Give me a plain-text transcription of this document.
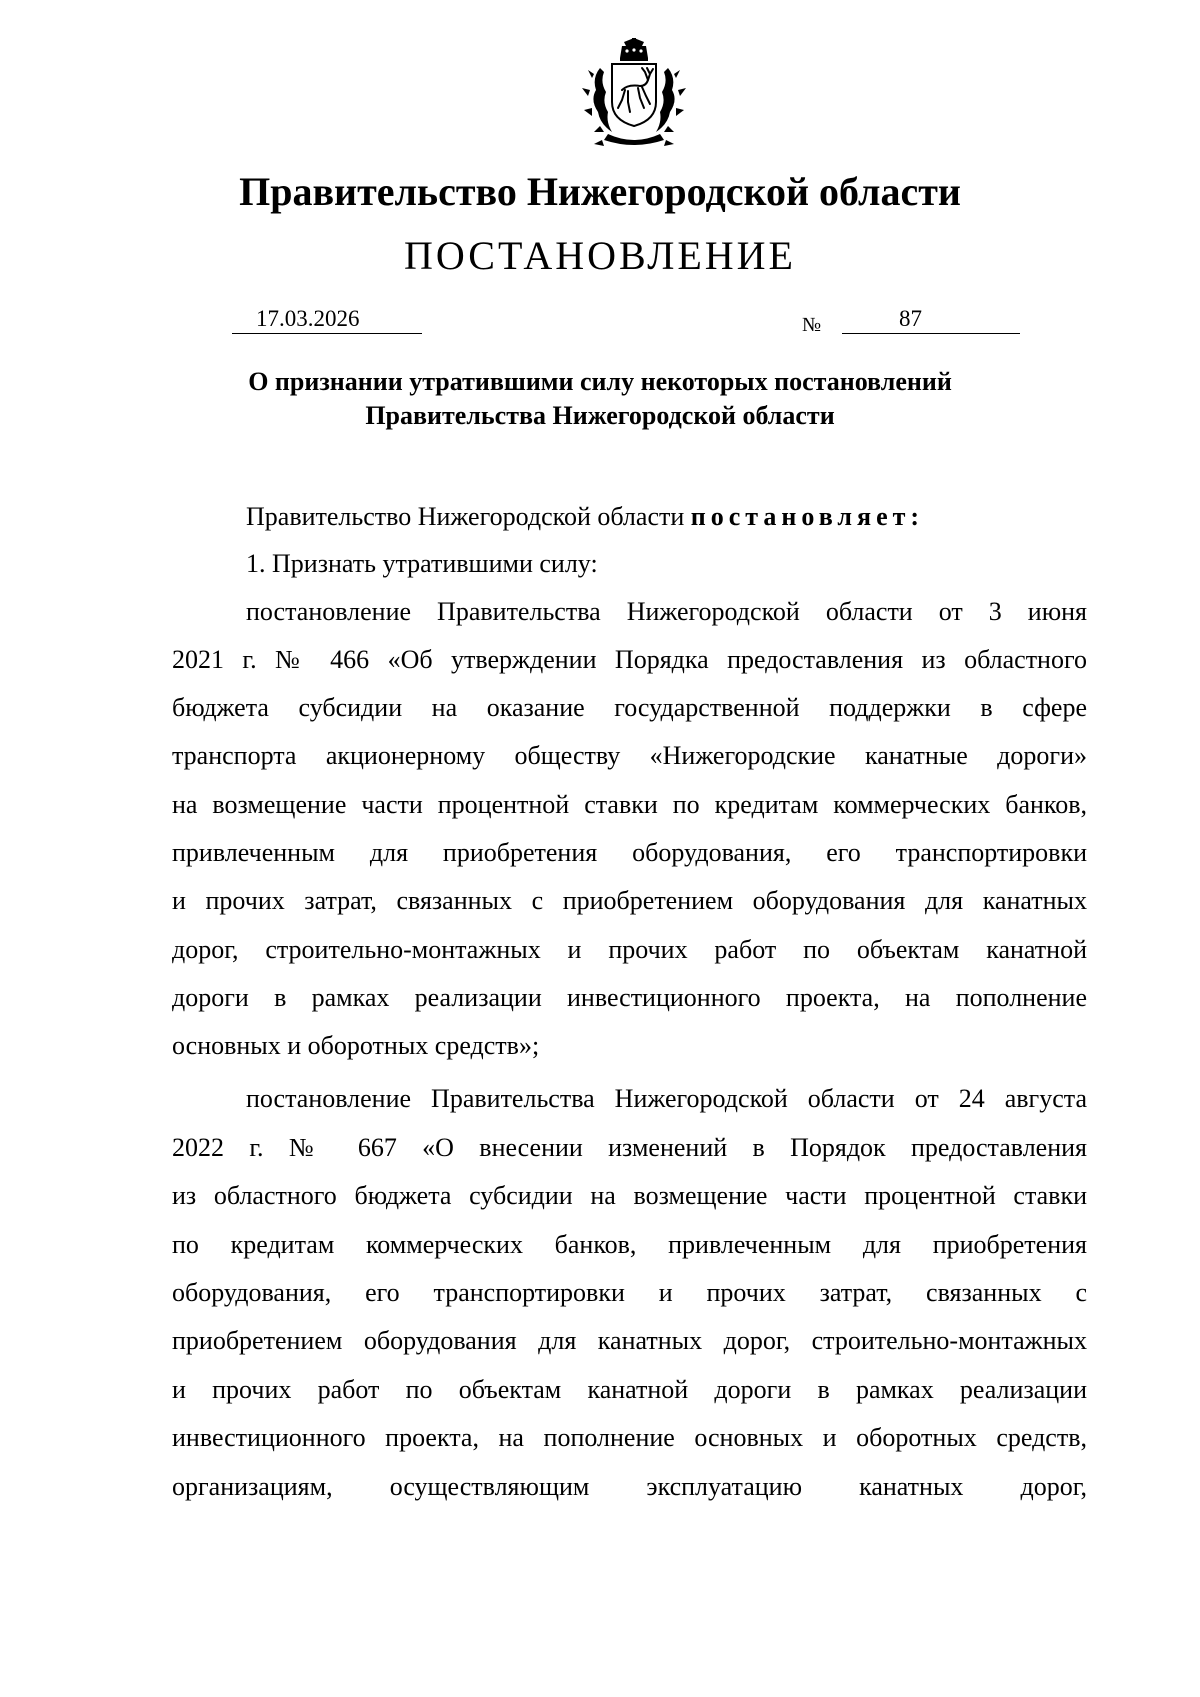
Правительство Нижегородской области
ПОСТАНОВЛЕНИЕ
17.03.2026	№	87
О признании утратившими силу некоторых постановлений
Правительства Нижегородской области
Правительство Нижегородской области постановляет:
1. Признать утратившими силу:
постановление Правительства Нижегородской области от 3 июня
2021 г. № 466 «Об утверждении Порядка предоставления из областного
бюджета субсидии на оказание государственной поддержки в сфере
транспорта акционерному обществу «Нижегородские канатные дороги»
на возмещение части процентной ставки по кредитам коммерческих банков,
привлеченным для приобретения оборудования, его транспортировки
и прочих затрат, связанных с приобретением оборудования для канатных
дорог, строительно-монтажных и прочих работ по объектам канатной
дороги в рамках реализации инвестиционного проекта, на пополнение
основных и оборотных средств»;
постановление Правительства Нижегородской области от 24 августа
2022 г. № 667 «О внесении изменений в Порядок предоставления
из областного бюджета субсидии на возмещение части процентной ставки
по кредитам коммерческих банков, привлеченным для приобретения
оборудования, его транспортировки и прочих затрат, связанных с
приобретением оборудования для канатных дорог, строительно-монтажных
и прочих работ по объектам канатной дороги в рамках реализации
инвестиционного проекта, на пополнение основных и оборотных средств,
организациям, осуществляющим эксплуатацию канатных дорог,
